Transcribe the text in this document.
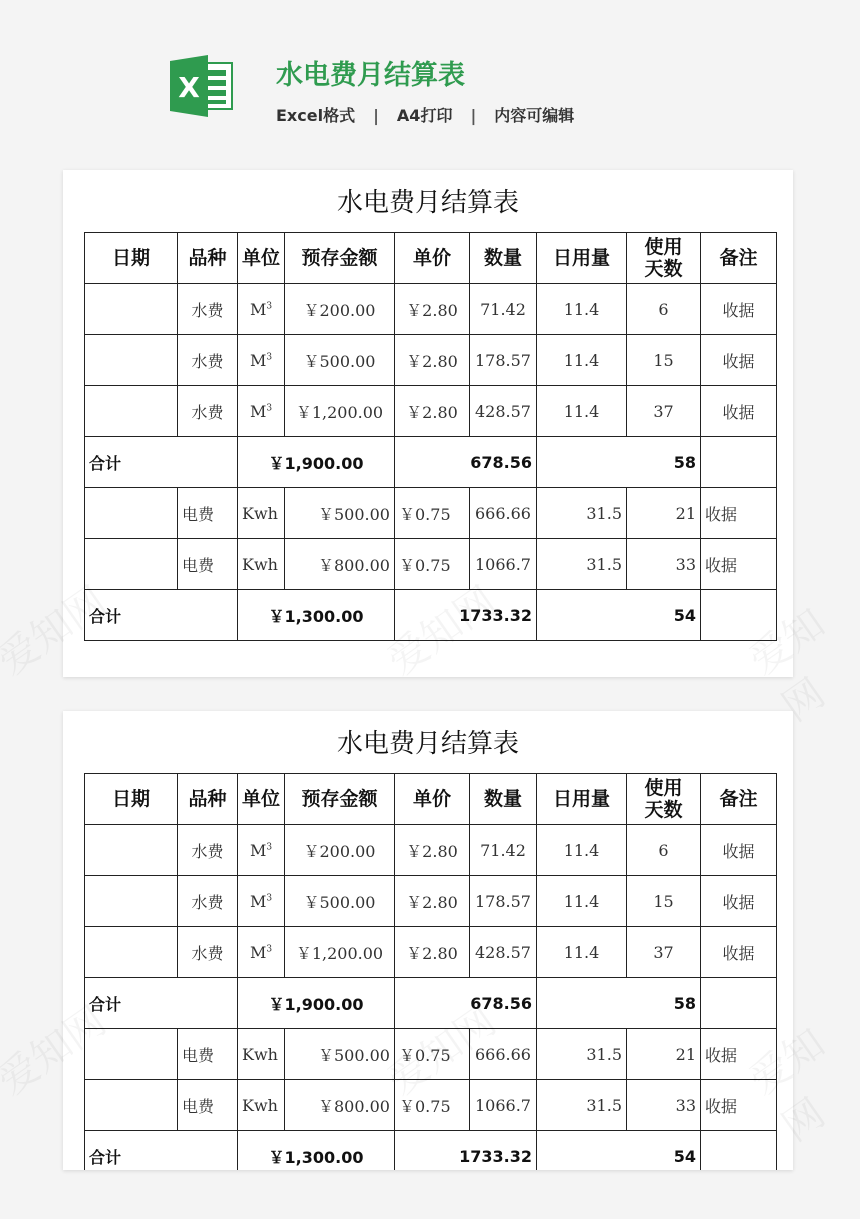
X	水电费月结算表
Excel格式 | A4打印 | 内容可编辑
水电费月结算表
日期	品种	单位	预存金额	单价	数量	日用量	使用天数	备注
	水费	$M^3$	￥200.00	￥2.80	71.42	11.4	6	收据
	水费	$M^3$	￥500.00	￥2.80	178.57	11.4	15	收据
	水费	$M^3$	￥1,200.00	￥2.80	428.57	11.4	37	收据
合计		￥1,900.00		678.56		58		
	电费	Kwh	￥500.00	￥0.75	666.66	31.5	21	收据
	电费	Kwh	￥800.00	￥0.75	1066.7	31.5	33	收据
合计		￥1,300.00		1733.32		54		
水电费月结算表
日期	品种	单位	预存金额	单价	数量	日用量	使用天数	备注
	水费	$M^3$	￥200.00	￥2.80	71.42	11.4	6	收据
	水费	$M^3$	￥500.00	￥2.80	178.57	11.4	15	收据
	水费	$M^3$	￥1,200.00	￥2.80	428.57	11.4	37	收据
合计		￥1,900.00		678.56		58		
	电费	Kwh	￥500.00	￥0.75	666.66	31.5	21	收据
	电费	Kwh	￥800.00	￥0.75	1066.7	31.5	33	收据
合计		￥1,300.00		1733.32		54		
